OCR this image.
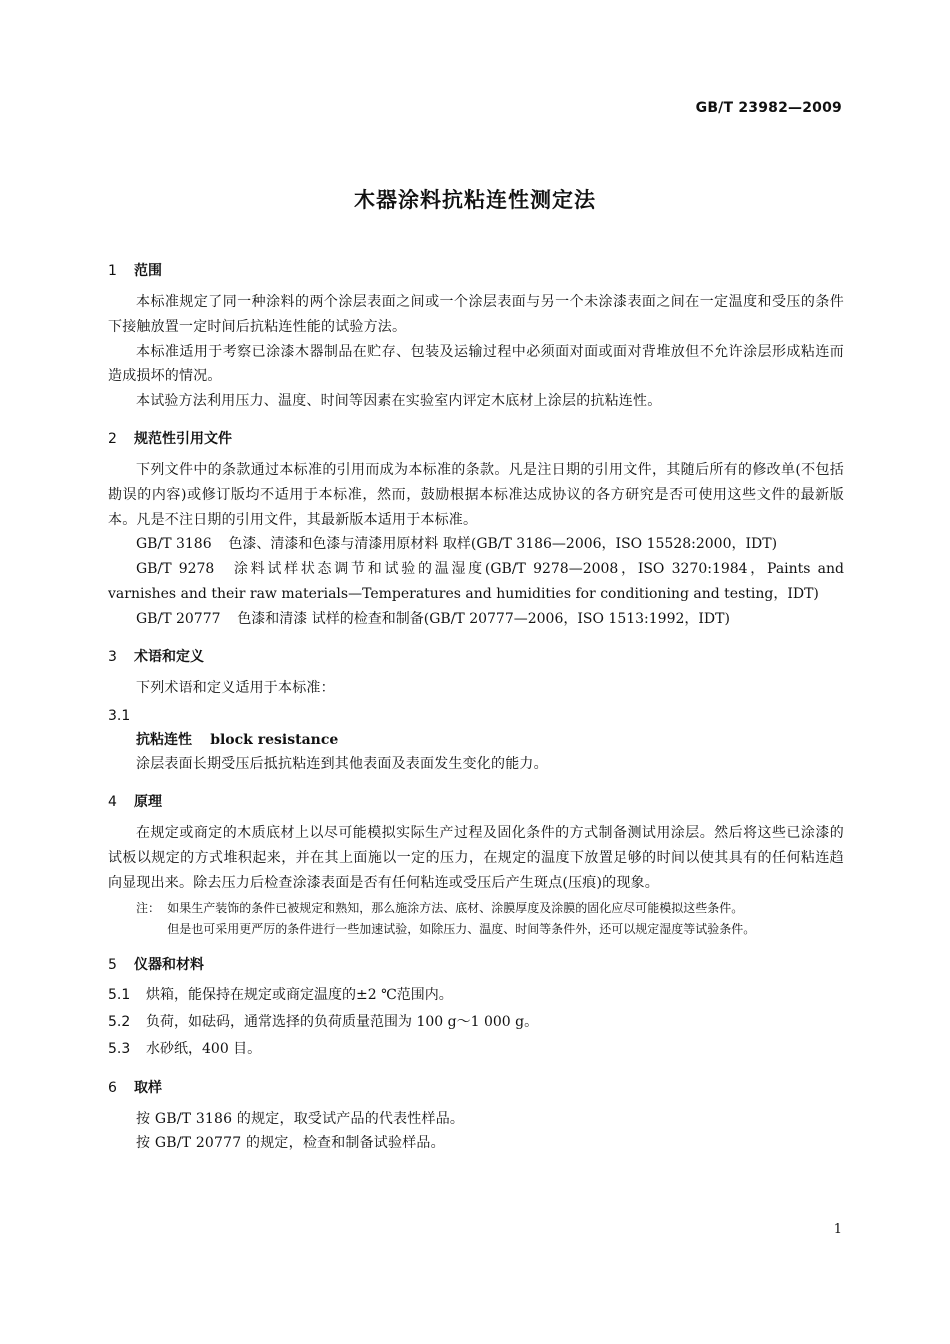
GB/T 23982—2009
木器涂料抗粘连性测定法
1 范围

本标准规定了同一种涂料的两个涂层表面之间或一个涂层表面与另一个未涂漆表面之间在一定温度和受压的条件下接触放置一定时间后抗粘连性能的试验方法。

本标准适用于考察已涂漆木器制品在贮存、包装及运输过程中必须面对面或面对背堆放但不允许涂层形成粘连而造成损坏的情况。

本试验方法利用压力、温度、时间等因素在实验室内评定木底材上涂层的抗粘连性。

2 规范性引用文件

下列文件中的条款通过本标准的引用而成为本标准的条款。凡是注日期的引用文件，其随后所有的修改单(不包括勘误的内容)或修订版均不适用于本标准，然而，鼓励根据本标准达成协议的各方研究是否可使用这些文件的最新版本。凡是不注日期的引用文件，其最新版本适用于本标准。

GB/T 3186 色漆、清漆和色漆与清漆用原材料 取样(GB/T 3186—2006，ISO 15528:2000，IDT)

GB/T 9278 涂料试样状态调节和试验的温湿度(GB/T 9278—2008，ISO 3270:1984，Paints and varnishes and their raw materials—Temperatures and humidities for conditioning and testing，IDT)

GB/T 20777 色漆和清漆 试样的检查和制备(GB/T 20777—2006，ISO 1513:1992，IDT)

3 术语和定义

下列术语和定义适用于本标准：

3.1
抗粘连性 block resistance

涂层表面长期受压后抵抗粘连到其他表面及表面发生变化的能力。

4 原理

在规定或商定的木质底材上以尽可能模拟实际生产过程及固化条件的方式制备测试用涂层。然后将这些已涂漆的试板以规定的方式堆积起来，并在其上面施以一定的压力，在规定的温度下放置足够的时间以使其具有的任何粘连趋向显现出来。除去压力后检查涂漆表面是否有任何粘连或受压后产生斑点(压痕)的现象。

注： 如果生产装饰的条件已被规定和熟知，那么施涂方法、底材、涂膜厚度及涂膜的固化应尽可能模拟这些条件。
但是也可采用更严厉的条件进行一些加速试验，如除压力、温度、时间等条件外，还可以规定湿度等试验条件。
5 仪器和材料
5.1 烘箱，能保持在规定或商定温度的±2 ℃范围内。
5.2 负荷，如砝码，通常选择的负荷质量范围为 100 g～1 000 g。
5.3 水砂纸，400 目。
6 取样

按 GB/T 3186 的规定，取受试产品的代表性样品。

按 GB/T 20777 的规定，检查和制备试验样品。

1
